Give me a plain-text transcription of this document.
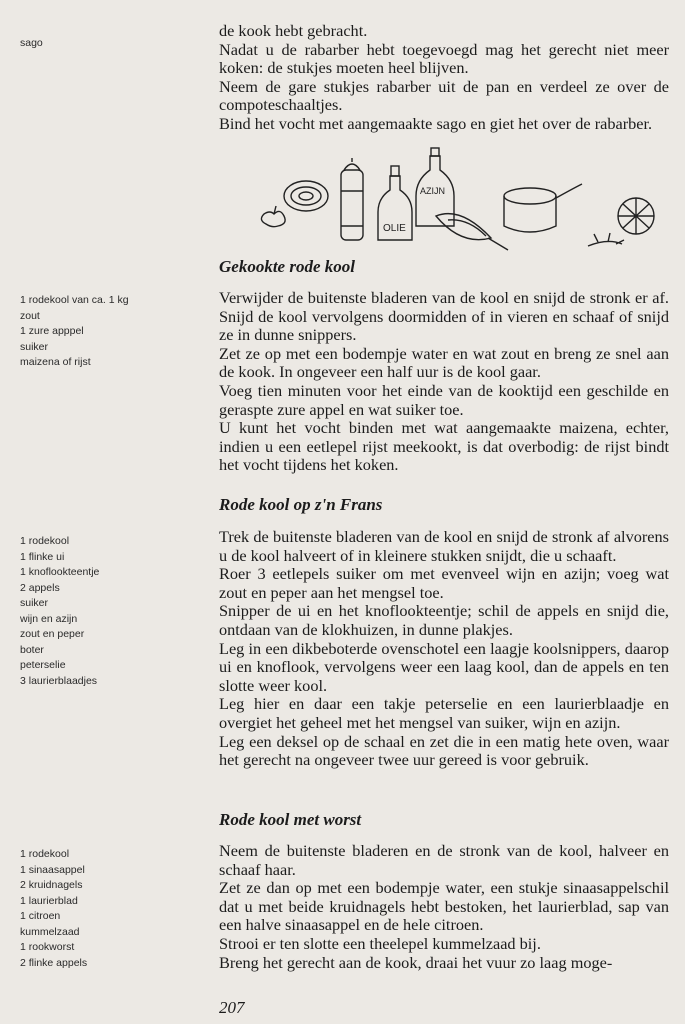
sago

de kook hebt gebracht.

Nadat u de rabarber hebt toegevoegd mag het gerecht niet meer koken: de stukjes moeten heel blijven.

Neem de gare stukjes rabarber uit de pan en verdeel ze over de compoteschaaltjes.

Bind het vocht met aangemaakte sago en giet het over de rabarber.

OLIE
AZIJN
Gekookte rode kool
1 rodekool van ca. 1 kg
zout
1 zure apppel
suiker
maizena of rijst

Verwijder de buitenste bladeren van de kool en snijd de stronk er af. Snijd de kool vervolgens doormidden of in vieren en schaaf of snijd ze in dunne snippers.

Zet ze op met een bodempje water en wat zout en breng ze snel aan de kook. In ongeveer een half uur is de kool gaar.

Voeg tien minuten voor het einde van de kooktijd een geschilde en geraspte zure appel en wat suiker toe.

U kunt het vocht binden met wat aangemaakte maizena, echter, indien u een eetlepel rijst meekookt, is dat overbodig: de rijst bindt het vocht tijdens het koken.

Rode kool op z'n Frans
1 rodekool
1 flinke ui
1 knoflookteentje
2 appels
suiker
wijn en azijn
zout en peper
boter
peterselie
3 laurierblaadjes

Trek de buitenste bladeren van de kool en snijd de stronk af alvorens u de kool halveert of in kleinere stukken snijdt, die u schaaft.

Roer 3 eetlepels suiker om met evenveel wijn en azijn; voeg wat zout en peper aan het mengsel toe.

Snipper de ui en het knoflookteentje; schil de appels en snijd die, ontdaan van de klokhuizen, in dunne plakjes.

Leg in een dikbeboterde ovenschotel een laagje koolsnippers, daarop ui en knoflook, vervolgens weer een laag kool, dan de appels en ten slotte weer kool.

Leg hier en daar een takje peterselie en een laurierblaadje en overgiet het geheel met het mengsel van suiker, wijn en azijn.

Leg een deksel op de schaal en zet die in een matig hete oven, waar het gerecht na ongeveer twee uur gereed is voor gebruik.

Rode kool met worst
1 rodekool
1 sinaasappel
2 kruidnagels
1 laurierblad
1 citroen
kummelzaad
1 rookworst
2 flinke appels

Neem de buitenste bladeren en de stronk van de kool, halveer en schaaf haar.

Zet ze dan op met een bodempje water, een stukje sinaasappelschil dat u met beide kruidnagels hebt bestoken, het laurierblad, sap van een halve sinaasappel en de hele citroen.

Strooi er ten slotte een theelepel kummelzaad bij.

Breng het gerecht aan de kook, draai het vuur zo laag moge-

207
